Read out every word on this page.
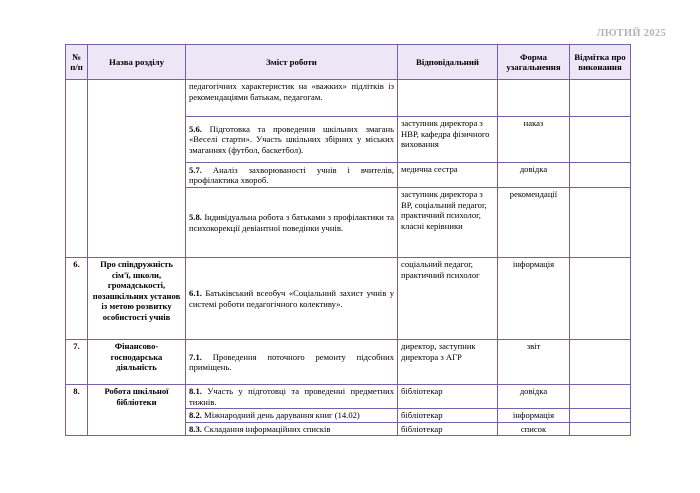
ЛЮТИЙ 2025
№ п/п	Назва розділу	Зміст роботи	Відповідальний	Форма узагальнення	Відмітка про виконання
		педагогічних характеристик на «важких» підлітків із рекомендаціями батькам, педагогам.			
		5.6. Підготовка та проведення шкільних змагань «Веселі старти». Участь шкільних збірних у міських змаганнях (футбол, баскетбол).	заступник директора з НВР, кафедра фізичного виховання	наказ	
		5.7. Аналіз захворюваності учнів і вчителів, профілактика хвороб.	медична сестра	довідка	
		5.8. Індивідуальна робота з батьками з профілактики та психокорекції девіантної поведінки учнів.	заступник директора з ВР, соціальний педагог, практичний психолог, класні керівники	рекомендації	
6.	Про співдружність сім'ї, школи, громадськості, позашкільних установ із метою розвитку особистості учнів	6.1. Батьківський всеобуч «Соціальний захист учнів у системі роботи педагогічного колективу».	соціальний педагог, практичний психолог	інформація	
7.	Фінансово-господарська діяльність	7.1. Проведення поточного ремонту підсобних приміщень.	директор, заступник директора з АГР	звіт	
8.	Робота шкільної бібліотеки	8.1. Участь у підготовці та проведенні предметних тижнів.	бібліотекар	довідка	
		8.2. Міжнародний день дарування книг (14.02)	бібліотекар	інформація	
		8.3. Складання інформаційних списків	бібліотекар	список	
